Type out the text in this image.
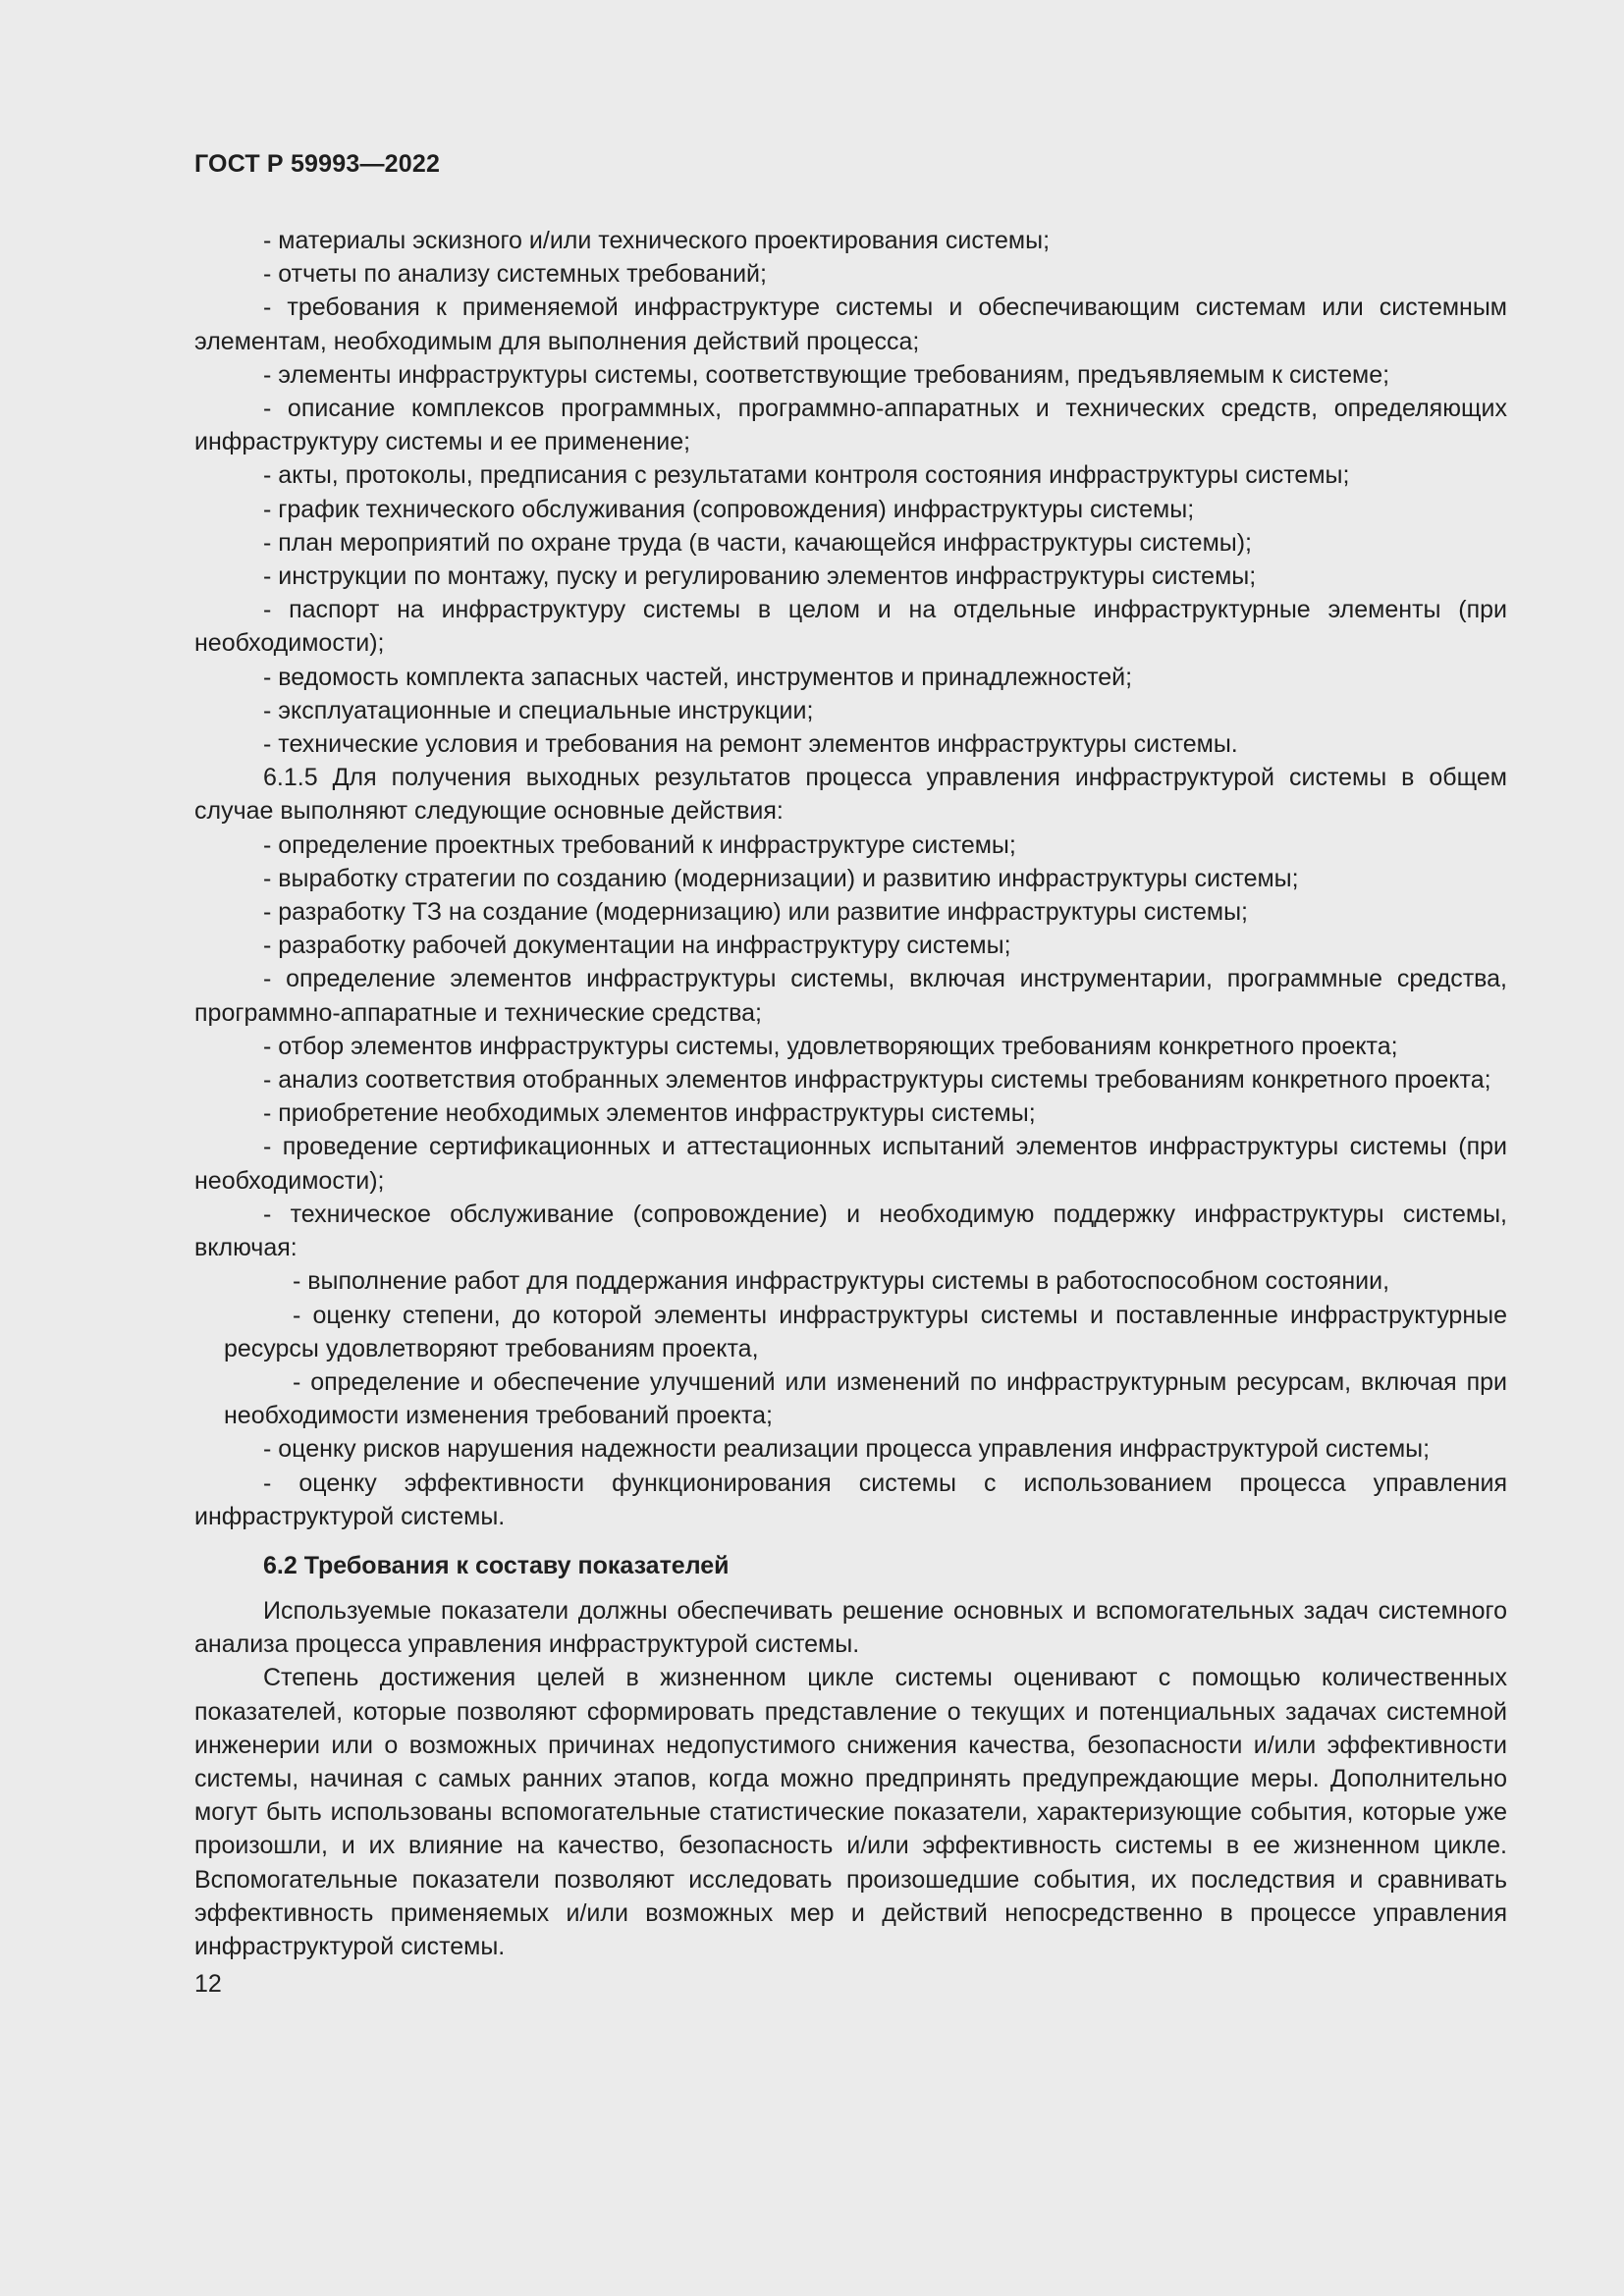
ГОСТ Р 59993—2022

- материалы эскизного и/или технического проектирования системы;

- отчеты по анализу системных требований;

- требования к применяемой инфраструктуре системы и обеспечивающим системам или системным элементам, необходимым для выполнения действий процесса;

- элементы инфраструктуры системы, соответствующие требованиям, предъявляемым к системе;

- описание комплексов программных, программно-аппаратных и технических средств, определяющих инфраструктуру системы и ее применение;

- акты, протоколы, предписания с результатами контроля состояния инфраструктуры системы;

- график технического обслуживания (сопровождения) инфраструктуры системы;

- план мероприятий по охране труда (в части, качающейся инфраструктуры системы);

- инструкции по монтажу, пуску и регулированию элементов инфраструктуры системы;

- паспорт на инфраструктуру системы в целом и на отдельные инфраструктурные элементы (при необходимости);

- ведомость комплекта запасных частей, инструментов и принадлежностей;

- эксплуатационные и специальные инструкции;

- технические условия и требования на ремонт элементов инфраструктуры системы.

6.1.5 Для получения выходных результатов процесса управления инфраструктурой системы в общем случае выполняют следующие основные действия:

- определение проектных требований к инфраструктуре системы;

- выработку стратегии по созданию (модернизации) и развитию инфраструктуры системы;

- разработку ТЗ на создание (модернизацию) или развитие инфраструктуры системы;

- разработку рабочей документации на инфраструктуру системы;

- определение элементов инфраструктуры системы, включая инструментарии, программные средства, программно-аппаратные и технические средства;

- отбор элементов инфраструктуры системы, удовлетворяющих требованиям конкретного проекта;

- анализ соответствия отобранных элементов инфраструктуры системы требованиям конкретного проекта;

- приобретение необходимых элементов инфраструктуры системы;

- проведение сертификационных и аттестационных испытаний элементов инфраструктуры системы (при необходимости);

- техническое обслуживание (сопровождение) и необходимую поддержку инфраструктуры системы, включая:

- выполнение работ для поддержания инфраструктуры системы в работоспособном состоянии,

- оценку степени, до которой элементы инфраструктуры системы и поставленные инфраструктурные ресурсы удовлетворяют требованиям проекта,

- определение и обеспечение улучшений или изменений по инфраструктурным ресурсам, включая при необходимости изменения требований проекта;

- оценку рисков нарушения надежности реализации процесса управления инфраструктурой системы;

- оценку эффективности функционирования системы с использованием процесса управления инфраструктурой системы.

6.2 Требования к составу показателей

Используемые показатели должны обеспечивать решение основных и вспомогательных задач системного анализа процесса управления инфраструктурой системы.

Степень достижения целей в жизненном цикле системы оценивают с помощью количественных показателей, которые позволяют сформировать представление о текущих и потенциальных задачах системной инженерии или о возможных причинах недопустимого снижения качества, безопасности и/или эффективности системы, начиная с самых ранних этапов, когда можно предпринять предупреждающие меры. Дополнительно могут быть использованы вспомогательные статистические показатели, характеризующие события, которые уже произошли, и их влияние на качество, безопасность и/или эффективность системы в ее жизненном цикле. Вспомогательные показатели позволяют исследовать произошедшие события, их последствия и сравнивать эффективность применяемых и/или возможных мер и действий непосредственно в процессе управления инфраструктурой системы.

12
